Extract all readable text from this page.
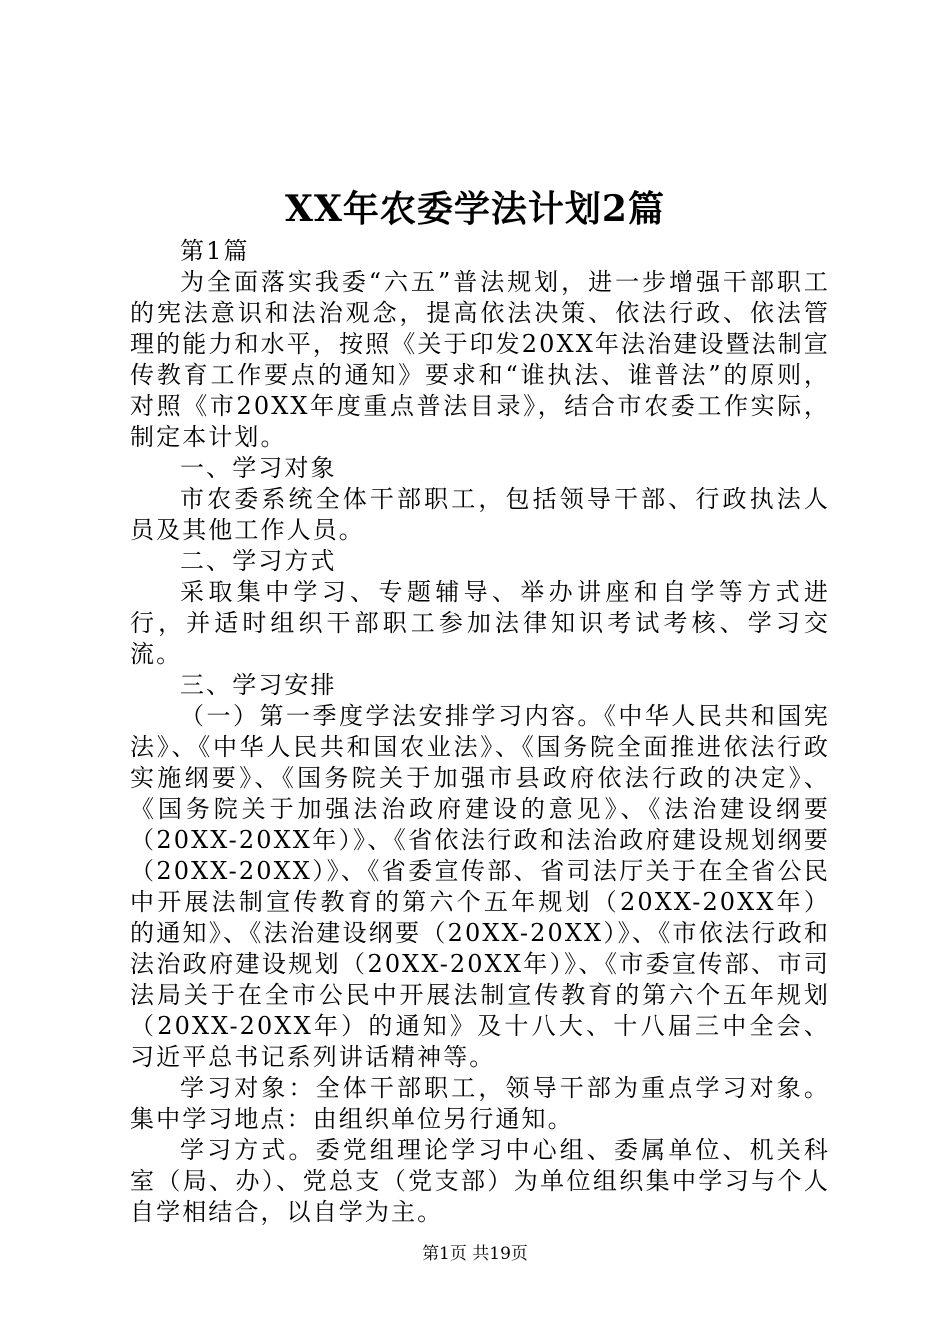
XX年农委学法计划2篇

第1篇

为全面落实我委“六五”普法规划，进一步增强干部职工的宪法意识和法治观念，提高依法决策、依法行政、依法管理的能力和水平，按照《关于印发20XX年法治建设暨法制宣传教育工作要点的通知》要求和“谁执法、谁普法”的原则，对照《市20XX年度重点普法目录》，结合市农委工作实际，制定本计划。

一、学习对象

市农委系统全体干部职工，包括领导干部、行政执法人员及其他工作人员。

二、学习方式

采取集中学习、专题辅导、举办讲座和自学等方式进行，并适时组织干部职工参加法律知识考试考核、学习交流。

三、学习安排

（一）第一季度学法安排学习内容。《中华人民共和国宪法》、《中华人民共和国农业法》、《国务院全面推进依法行政实施纲要》、《国务院关于加强市县政府依法行政的决定》、《国务院关于加强法治政府建设的意见》、《法治建设纲要（20XX-20XX年）》、《省依法行政和法治政府建设规划纲要（20XX-20XX）》、《省委宣传部、省司法厅关于在全省公民中开展法制宣传教育的第六个五年规划（20XX-20XX年）的通知》、《法治建设纲要（20XX-20XX）》、《市依法行政和法治政府建设规划（20XX-20XX年）》、《市委宣传部、市司法局关于在全市公民中开展法制宣传教育的第六个五年规划（20XX-20XX年）的通知》及十八大、十八届三中全会、习近平总书记系列讲话精神等。

学习对象：全体干部职工，领导干部为重点学习对象。集中学习地点：由组织单位另行通知。

学习方式。委党组理论学习中心组、委属单位、机关科室（局、办）、党总支（党支部）为单位组织集中学习与个人自学相结合，以自学为主。

第1页 共19页
